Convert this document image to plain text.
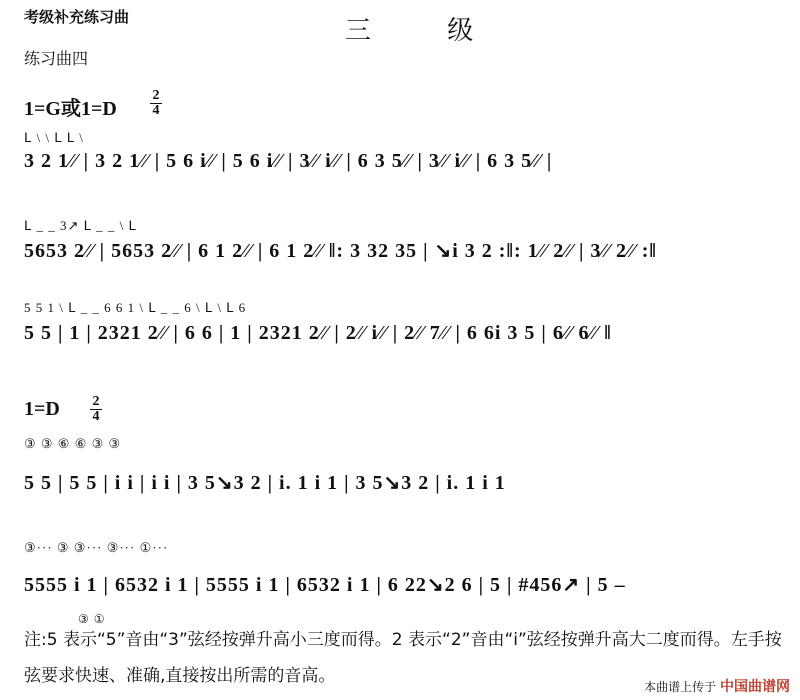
考级补充练习曲	三 级
练习曲四
1=G或1=D
2
4
ᒪ \ \ ᒪ ᒪ \
3 2 1⁄⁄ | 3 2 1⁄⁄ | 5 6 i⁄⁄ | 5 6 i⁄⁄ | 3⁄⁄ i⁄⁄ | 6 3 5⁄⁄ | 3⁄⁄ i⁄⁄ | 6 3 5⁄⁄ |
ᒪ _ _ 3↗ ᒪ _ _ \ ᒪ
5653 2⁄⁄ | 5653 2⁄⁄ | 6 1 2⁄⁄ | 6 1 2⁄⁄ ‖: 3 32 35 | ↘i 3 2 :‖: 1⁄⁄ 2⁄⁄ | 3⁄⁄ 2⁄⁄ :‖
5 5 1 \ ᒪ _ _ 6 6 1 \ ᒪ _ _ 6 \ ᒪ \ ᒪ 6
5 5 | 1 | 2321 2⁄⁄ | 6 6 | 1 | 2321 2⁄⁄ | 2⁄⁄ i⁄⁄ | 2⁄⁄ 7⁄⁄ | 6 6i 3 5 | 6⁄⁄ 6⁄⁄ ‖
1=D 2
4
③ ③ ⑥ ⑥ ③ ③
5 5 | 5 5 | i i | i i | 3 5↘3 2 | i. 1 i 1 | 3 5↘3 2 | i. 1 i 1
③··· ③ ③··· ③··· ①···
5555 i 1 | 6532 i 1 | 5555 i 1 | 6532 i 1 | 6 22↘2 6 | 5 | #456↗ | 5 –
③ ①
注:5 表示“5”音由“3”弦经按弹升高小三度而得。2 表示“2”音由“i”弦经按弹升高大二度而得。左手按弦要求快速、准确,直接按出所需的音高。
本曲谱上传于 中国曲谱网
